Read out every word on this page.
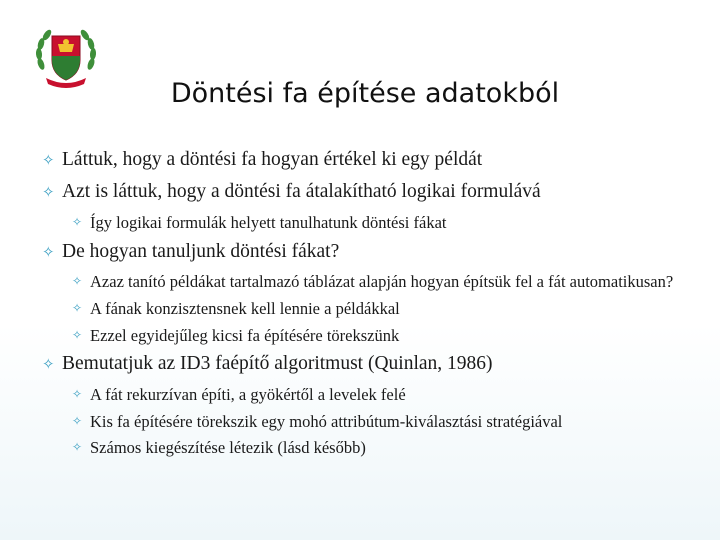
Döntési fa építése adatokból
✧ Láttuk, hogy a döntési fa hogyan értékel ki egy példát
✧ Azt is láttuk, hogy a döntési fa átalakítható logikai formulává
✧ Így logikai formulák helyett tanulhatunk döntési fákat
✧ De hogyan tanuljunk döntési fákat?
✧ Azaz tanító példákat tartalmazó táblázat alapján hogyan építsük fel a fát automatikusan?
✧ A fának konzisztensnek kell lennie a példákkal
✧ Ezzel egyidejűleg kicsi fa építésére törekszünk
✧ Bemutatjuk az ID3 faépítő algoritmust (Quinlan, 1986)
✧ A fát rekurzívan építi, a gyökértől a levelek felé
✧ Kis fa építésére törekszik egy mohó attribútum-kiválasztási stratégiával
✧ Számos kiegészítése létezik (lásd később)
